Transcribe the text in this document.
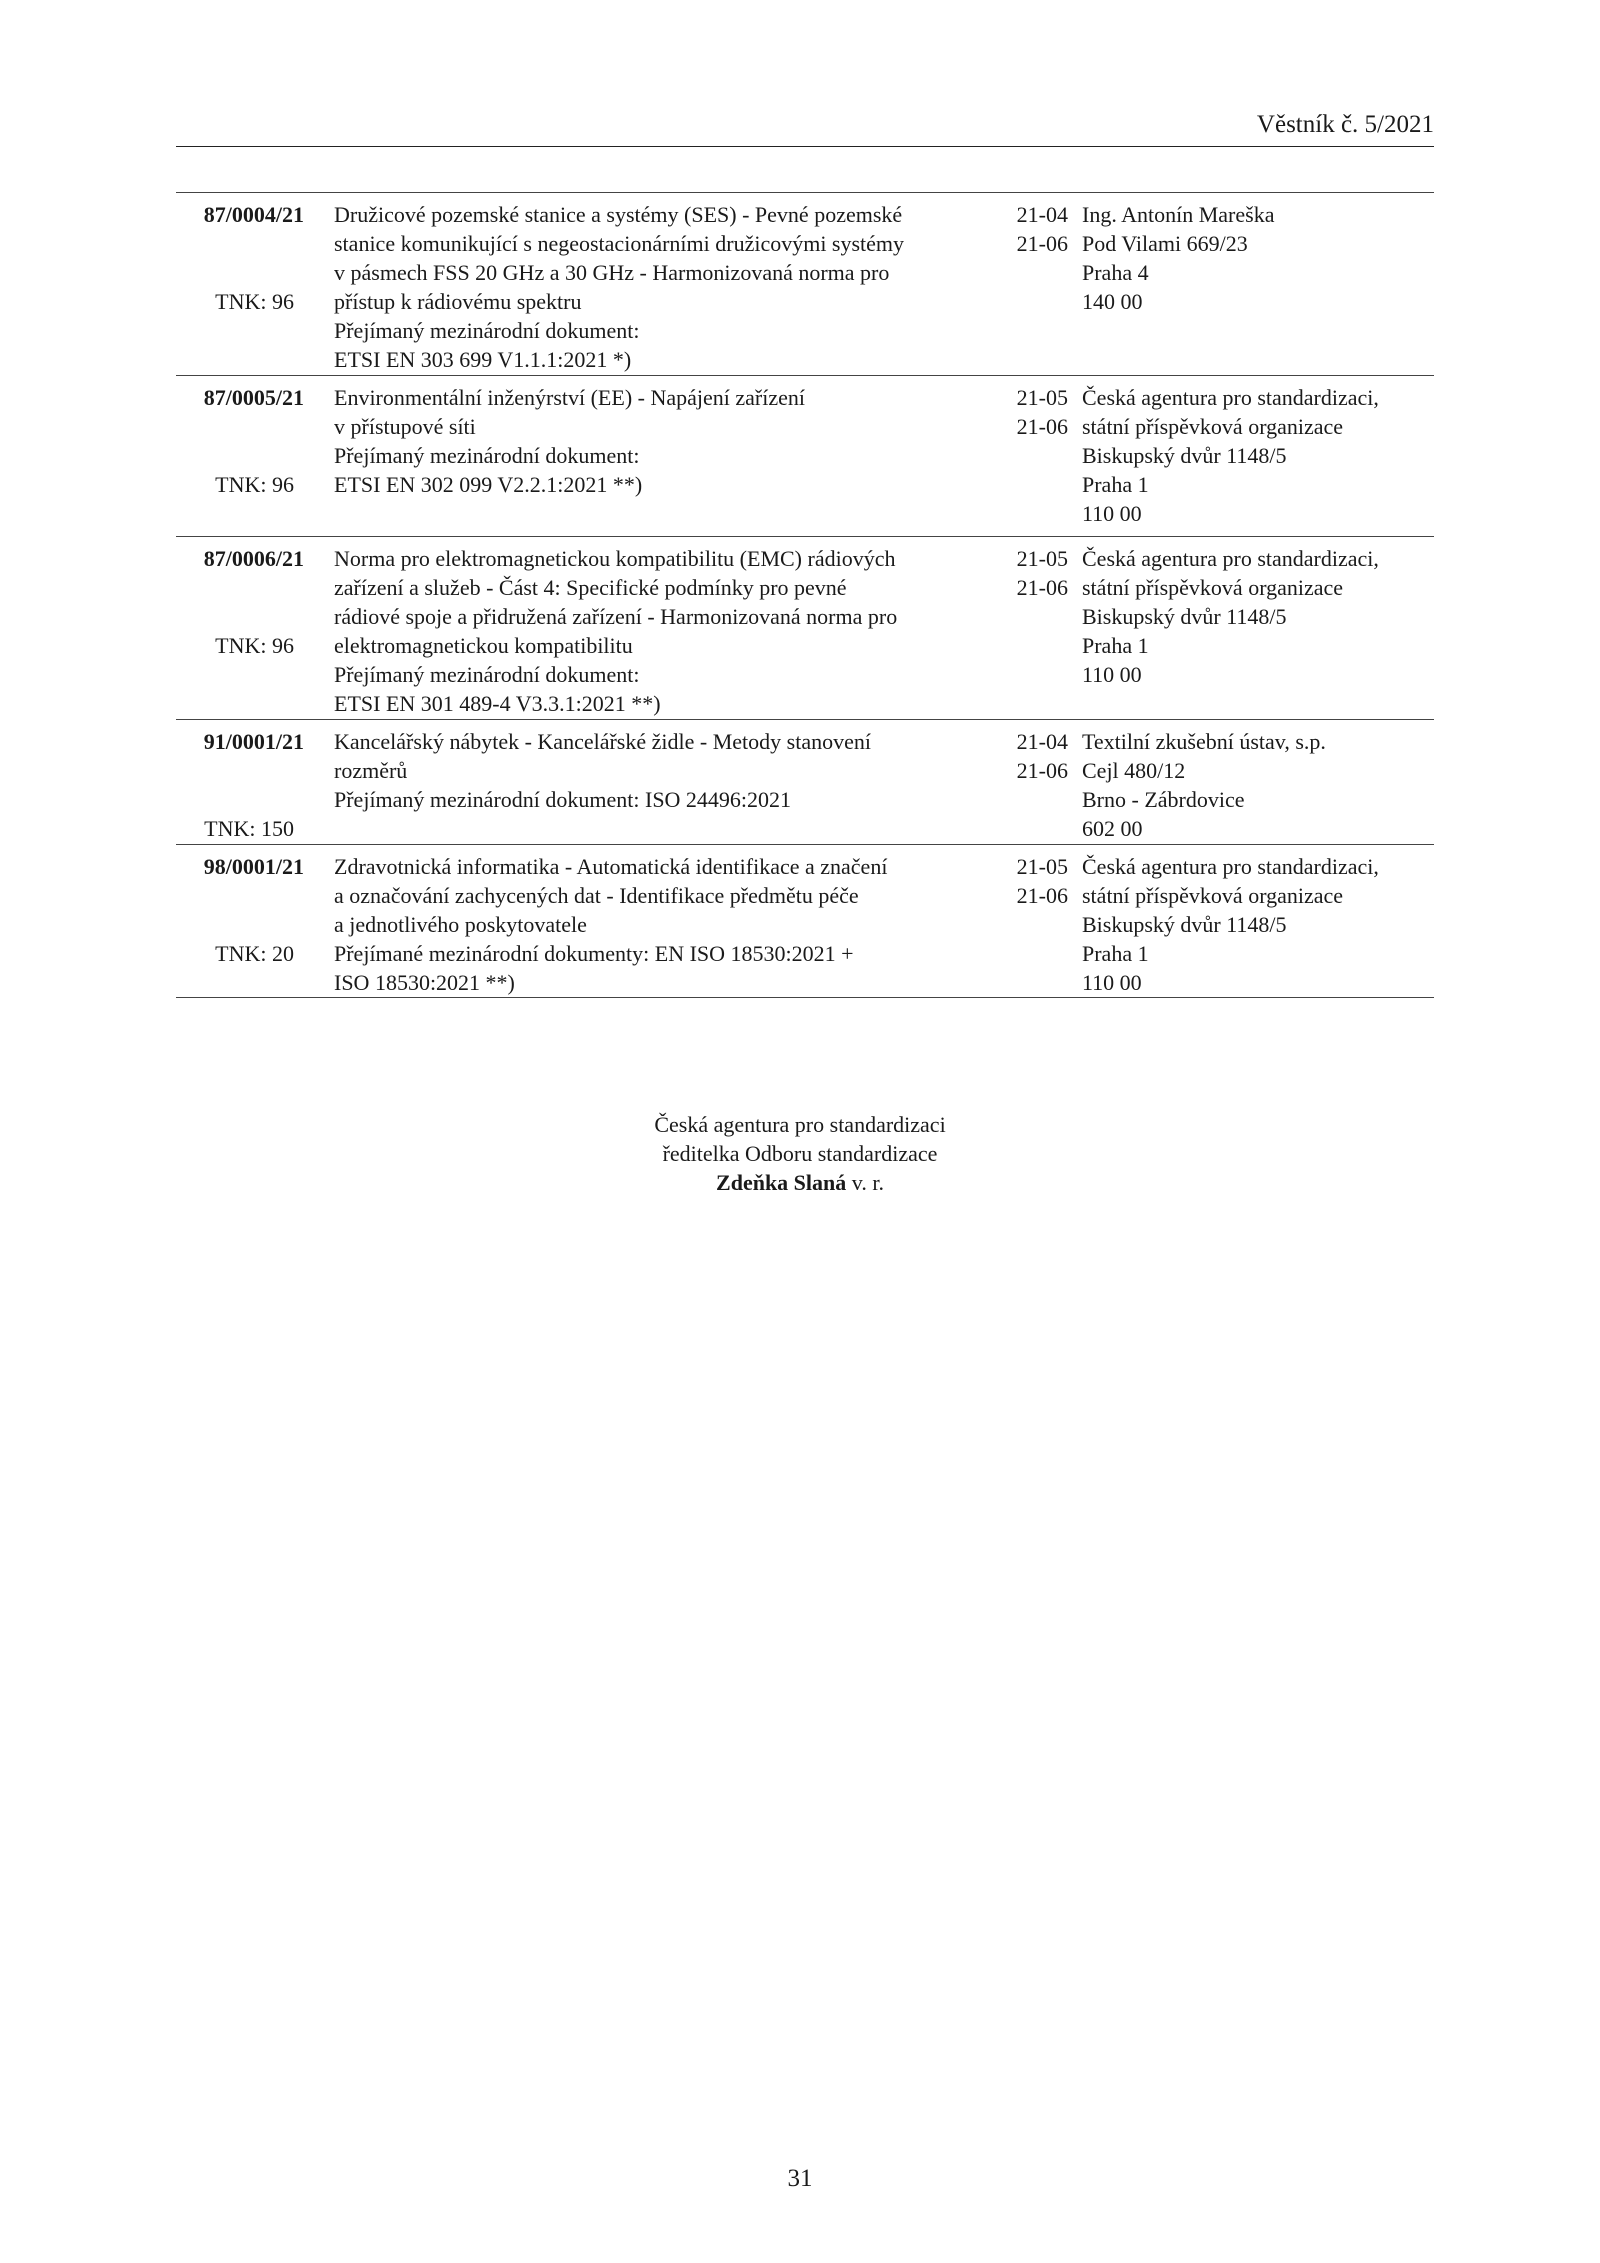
Věstník č. 5/2021
87/0004/21
TNK: 96
Družicové pozemské stanice a systémy (SES) - Pevné pozemské
stanice komunikující s negeostacionárními družicovými systémy
v pásmech FSS 20 GHz a 30 GHz - Harmonizovaná norma pro
přístup k rádiovému spektru
Přejímaný mezinárodní dokument:
ETSI EN 303 699 V1.1.1:2021 *)
21-04
21-06
Ing. Antonín Mareška
Pod Vilami 669/23
Praha 4
140 00
87/0005/21
TNK: 96
Environmentální inženýrství (EE) - Napájení zařízení
v přístupové síti
Přejímaný mezinárodní dokument:
ETSI EN 302 099 V2.2.1:2021 **)
21-05
21-06
Česká agentura pro standardizaci,
státní příspěvková organizace
Biskupský dvůr 1148/5
Praha 1
110 00
87/0006/21
TNK: 96
Norma pro elektromagnetickou kompatibilitu (EMC) rádiových
zařízení a služeb - Část 4: Specifické podmínky pro pevné
rádiové spoje a přidružená zařízení - Harmonizovaná norma pro
elektromagnetickou kompatibilitu
Přejímaný mezinárodní dokument:
ETSI EN 301 489-4 V3.3.1:2021 **)
21-05
21-06
Česká agentura pro standardizaci,
státní příspěvková organizace
Biskupský dvůr 1148/5
Praha 1
110 00
91/0001/21
TNK: 150
Kancelářský nábytek - Kancelářské židle - Metody stanovení
rozměrů
Přejímaný mezinárodní dokument: ISO 24496:2021
21-04
21-06
Textilní zkušební ústav, s.p.
Cejl 480/12
Brno - Zábrdovice
602 00
98/0001/21
TNK: 20
Zdravotnická informatika - Automatická identifikace a značení
a označování zachycených dat - Identifikace předmětu péče
a jednotlivého poskytovatele
Přejímané mezinárodní dokumenty: EN ISO 18530:2021 +
ISO 18530:2021 **)
21-05
21-06
Česká agentura pro standardizaci,
státní příspěvková organizace
Biskupský dvůr 1148/5
Praha 1
110 00
Česká agentura pro standardizaci
ředitelka Odboru standardizace
Zdeňka Slaná v. r.
31
